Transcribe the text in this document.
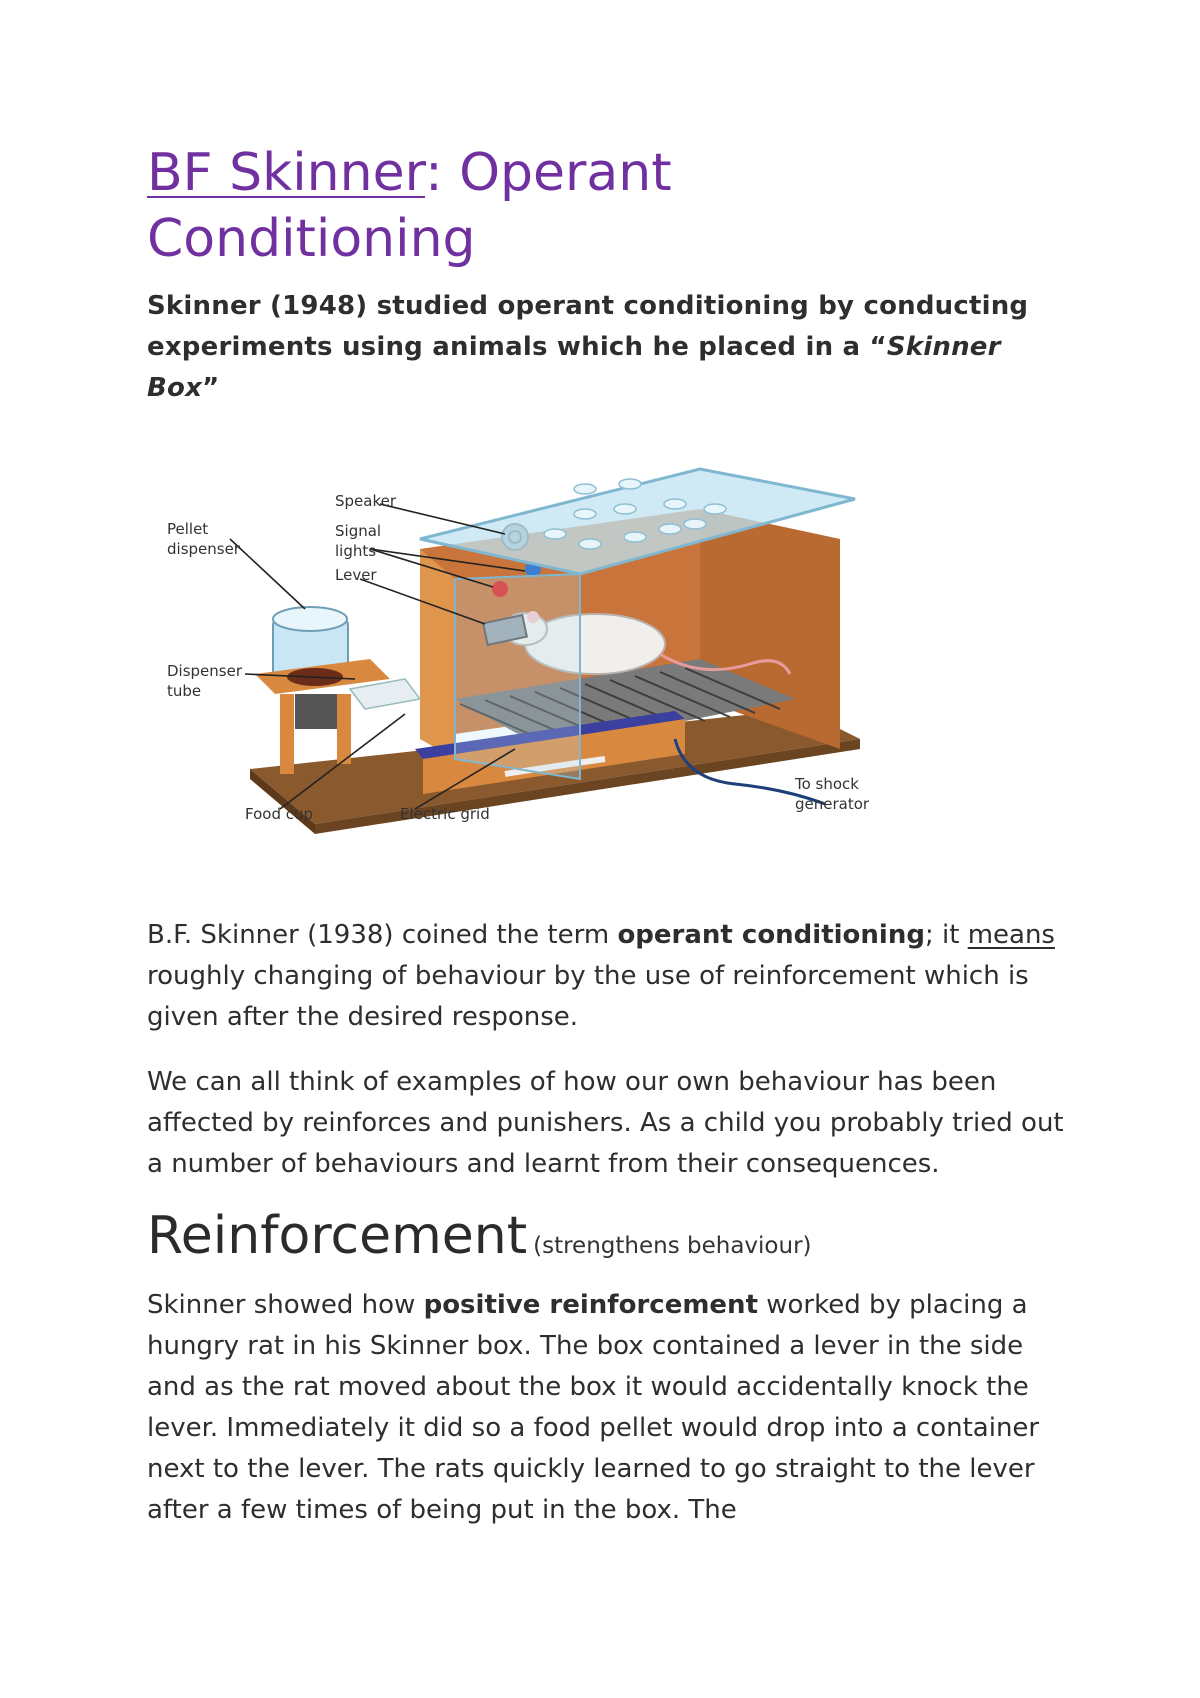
BF Skinner: Operant Conditioning

Skinner (1948) studied operant conditioning by conducting experiments using animals which he placed in a “Skinner Box”

Pellet
dispenser
Speaker
Signal
lights
Lever
Dispenser
tube
Food cup	Electric grid
To shock
generator

B.F. Skinner (1938) coined the term operant conditioning; it means roughly changing of behaviour by the use of reinforcement which is given after the desired response.

We can all think of examples of how our own behaviour has been affected by reinforces and punishers. As a child you probably tried out a number of behaviours and learnt from their consequences.

Reinforcement (strengthens behaviour)

Skinner showed how positive reinforcement worked by placing a hungry rat in his Skinner box. The box contained a lever in the side and as the rat moved about the box it would accidentally knock the lever. Immediately it did so a food pellet would drop into a container next to the lever. The rats quickly learned to go straight to the lever after a few times of being put in the box. The
